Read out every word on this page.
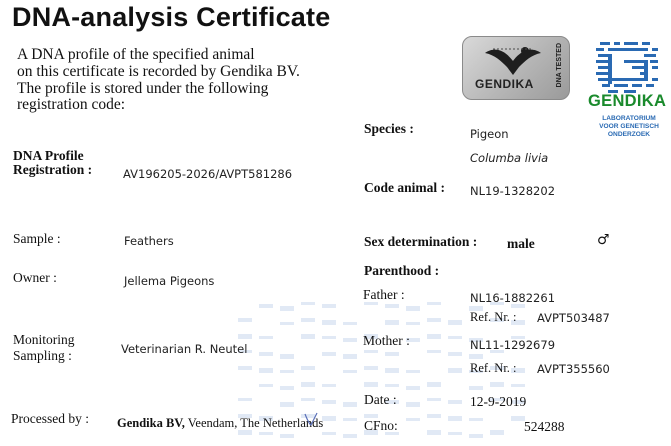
DNA-analysis Certificate
A DNA profile of the specified animal
on this certificate is recorded by Gendika BV.
The profile is stored under the following
registration code:
GENDIKA	DNA TESTED
GENDIKA
LABORATORIUM VOOR GENETISCH ONDERZOEK
DNA Profile
Registration :	AV196205-2026/AVPT581286
Sample :	Feathers
Owner :	Jellema Pigeons
Monitoring
Sampling :	Veterinarian R. Neutel
Processed by : Gendika BV, Veendam, The Netherlands
Species :	Pigeon
Columba livia
Code animal : NL19-1328202
Sex determination : male	♂
Parenthood :
Father :	NL16-1882261
Ref. Nr. : AVPT503487
Mother :	NL11-1292679
Ref. Nr. : AVPT355560
Date :	12-9-2019
CFno:	524288
